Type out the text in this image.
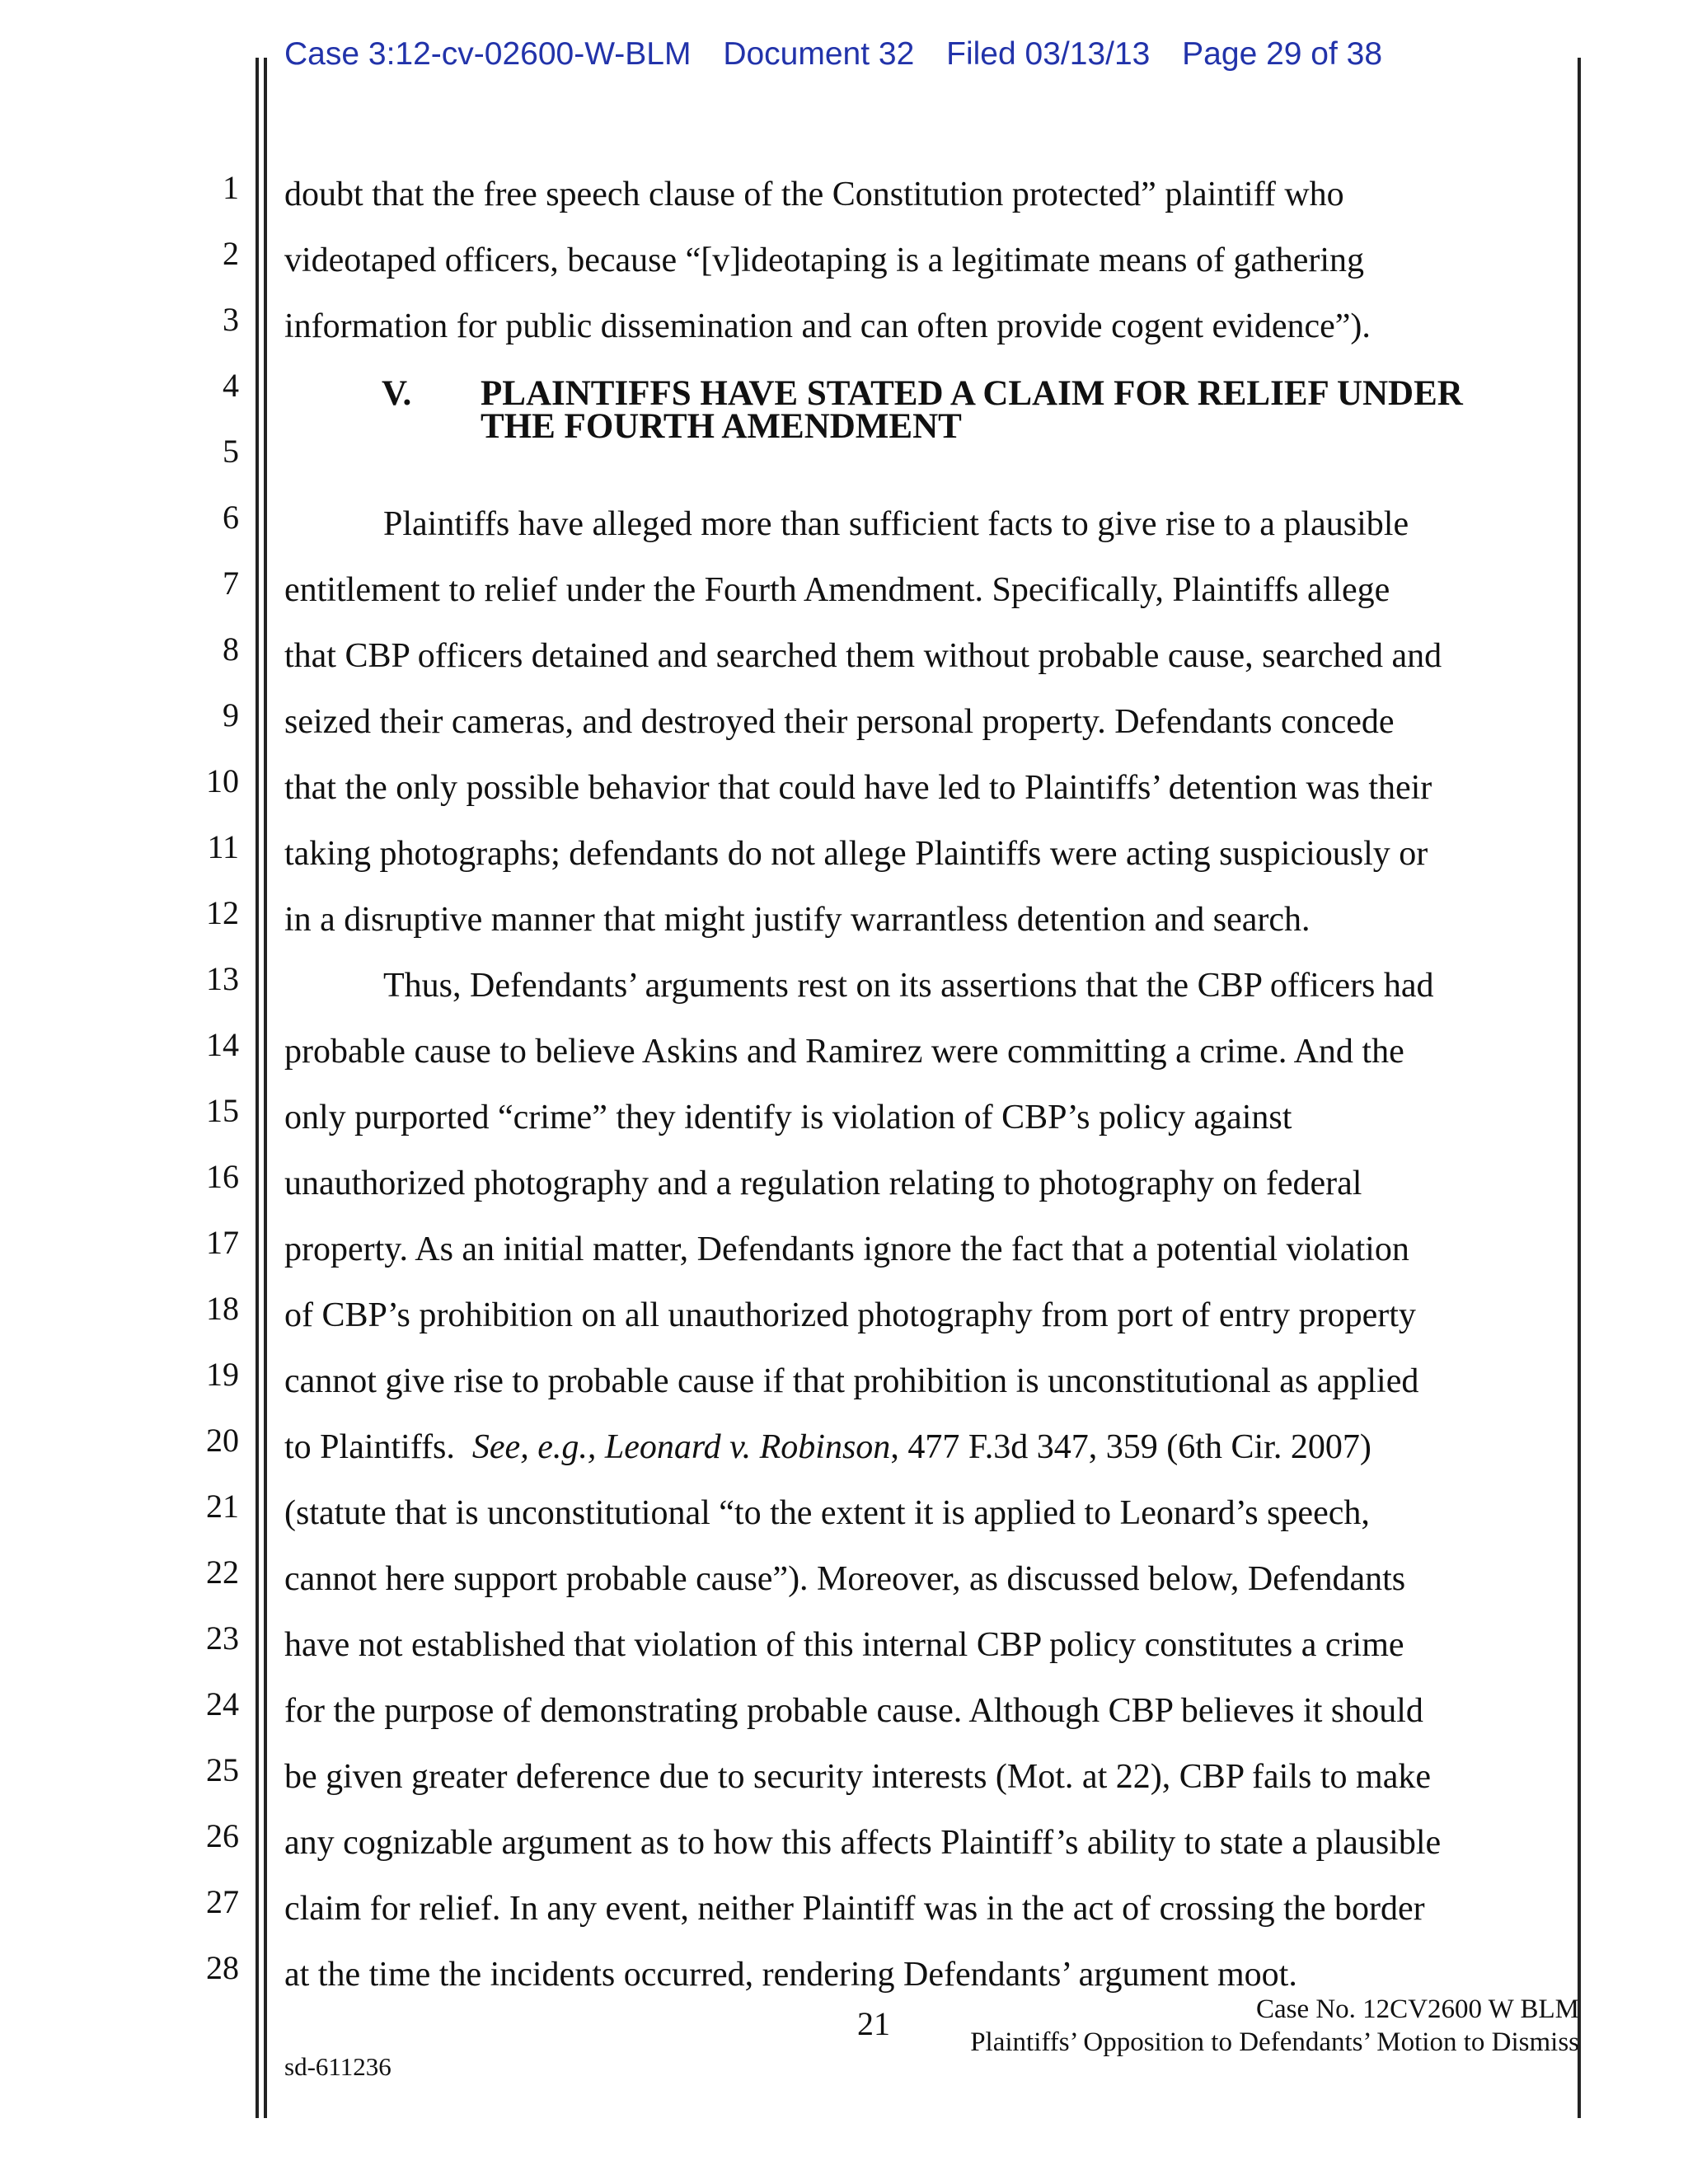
Case 3:12-cv-02600-W-BLM Document 32 Filed 03/13/13 Page 29 of 38
1
2
3
4
5
6
7
8
9
10
11
12
13
14
15
16
17
18
19
20
21
22
23
24
25
26
27
28
doubt that the free speech clause of the Constitution protected” plaintiff who
videotaped officers, because “[v]ideotaping is a legitimate means of gathering
information for public dissemination and can often provide cogent evidence”).
V. PLAINTIFFS HAVE STATED A CLAIM FOR RELIEF UNDER
THE FOURTH AMENDMENT
Plaintiffs have alleged more than sufficient facts to give rise to a plausible
entitlement to relief under the Fourth Amendment. Specifically, Plaintiffs allege
that CBP officers detained and searched them without probable cause, searched and
seized their cameras, and destroyed their personal property. Defendants concede
that the only possible behavior that could have led to Plaintiffs’ detention was their
taking photographs; defendants do not allege Plaintiffs were acting suspiciously or
in a disruptive manner that might justify warrantless detention and search.
Thus, Defendants’ arguments rest on its assertions that the CBP officers had
probable cause to believe Askins and Ramirez were committing a crime. And the
only purported “crime” they identify is violation of CBP’s policy against
unauthorized photography and a regulation relating to photography on federal
property. As an initial matter, Defendants ignore the fact that a potential violation
of CBP’s prohibition on all unauthorized photography from port of entry property
cannot give rise to probable cause if that prohibition is unconstitutional as applied
to Plaintiffs.  See, e.g., Leonard v. Robinson, 477 F.3d 347, 359 (6th Cir. 2007)
(statute that is unconstitutional “to the extent it is applied to Leonard’s speech,
cannot here support probable cause”). Moreover, as discussed below, Defendants
have not established that violation of this internal CBP policy constitutes a crime
for the purpose of demonstrating probable cause. Although CBP believes it should
be given greater deference due to security interests (Mot. at 22), CBP fails to make
any cognizable argument as to how this affects Plaintiff’s ability to state a plausible
claim for relief. In any event, neither Plaintiff was in the act of crossing the border
at the time the incidents occurred, rendering Defendants’ argument moot.
21	Case No. 12CV2600 W BLM
Plaintiffs’ Opposition to Defendants’ Motion to Dismiss
sd-611236
